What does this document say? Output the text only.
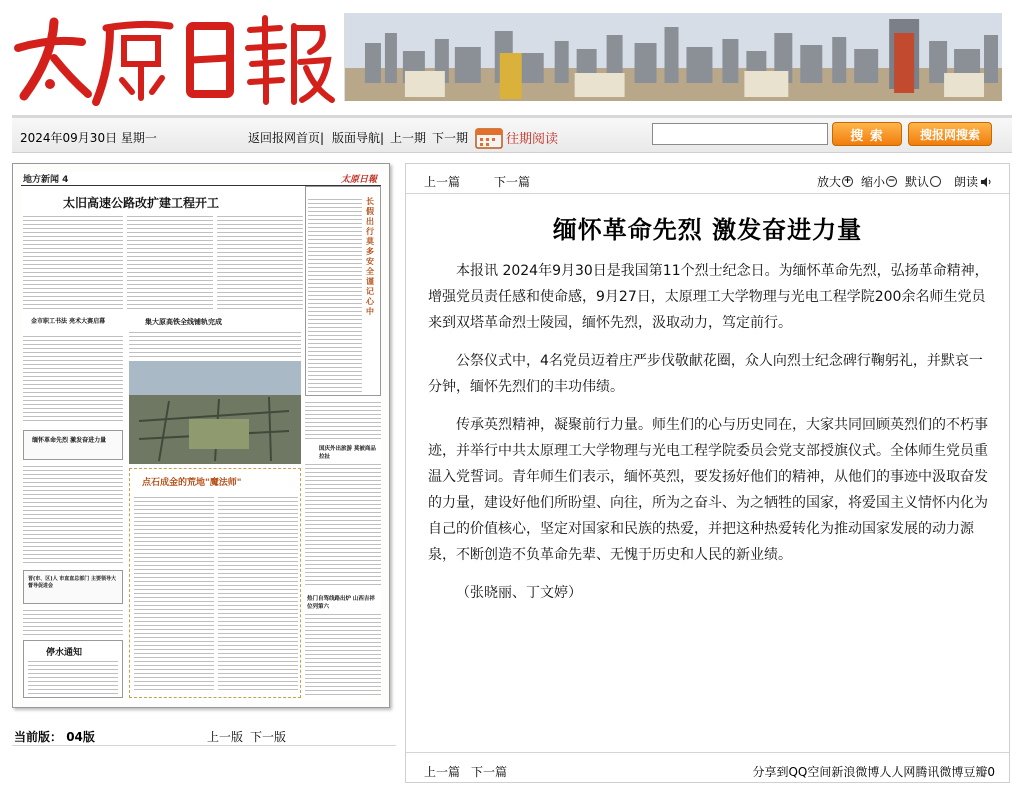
2024年09月30日 星期一	返回报网首页| 版面导航| 上一期 下一期	往期阅读	搜 索	搜报网搜索
地方新闻 4	太原日報
太旧高速公路改扩建工程开工
金市职工书法 亮术大赛启幕	集大原高铁全线铺轨完成
缅怀革命先烈 激发奋进力量
点石成金的荒地"魔法师"
晋(市、区)人 市直直总部门 主要领导大督导促进会
停水通知
长假出行莫多 安全谨记心中
国庆外出旅游 莫被商品拉扯
热门自驾线路出炉 山西吉祥位列第六
当前版： 04版	上一版 下一版
上一篇	下一篇	放大 + 缩小 − 默认 朗读
缅怀革命先烈 激发奋进力量

本报讯 2024年9月30日是我国第11个烈士纪念日。为缅怀革命先烈，弘扬革命精神，增强党员责任感和使命感，9月27日，太原理工大学物理与光电工程学院200余名师生党员来到双塔革命烈士陵园，缅怀先烈，汲取动力，笃定前行。

公祭仪式中，4名党员迈着庄严步伐敬献花圈，众人向烈士纪念碑行鞠躬礼，并默哀一分钟，缅怀先烈们的丰功伟绩。

传承英烈精神，凝聚前行力量。师生们的心与历史同在，大家共同回顾英烈们的不朽事迹，并举行中共太原理工大学物理与光电工程学院委员会党支部授旗仪式。全体师生党员重温入党誓词。青年师生们表示，缅怀英烈，要发扬好他们的精神，从他们的事迹中汲取奋发的力量，建设好他们所盼望、向往，所为之奋斗、为之牺牲的国家，将爱国主义情怀内化为自己的价值核心，坚定对国家和民族的热爱，并把这种热爱转化为推动国家发展的动力源泉，不断创造不负革命先辈、无愧于历史和人民的新业绩。

（张晓丽、丁文婷）

上一篇 下一篇	分享到QQ空间新浪微博人人网腾讯微博豆瓣0
